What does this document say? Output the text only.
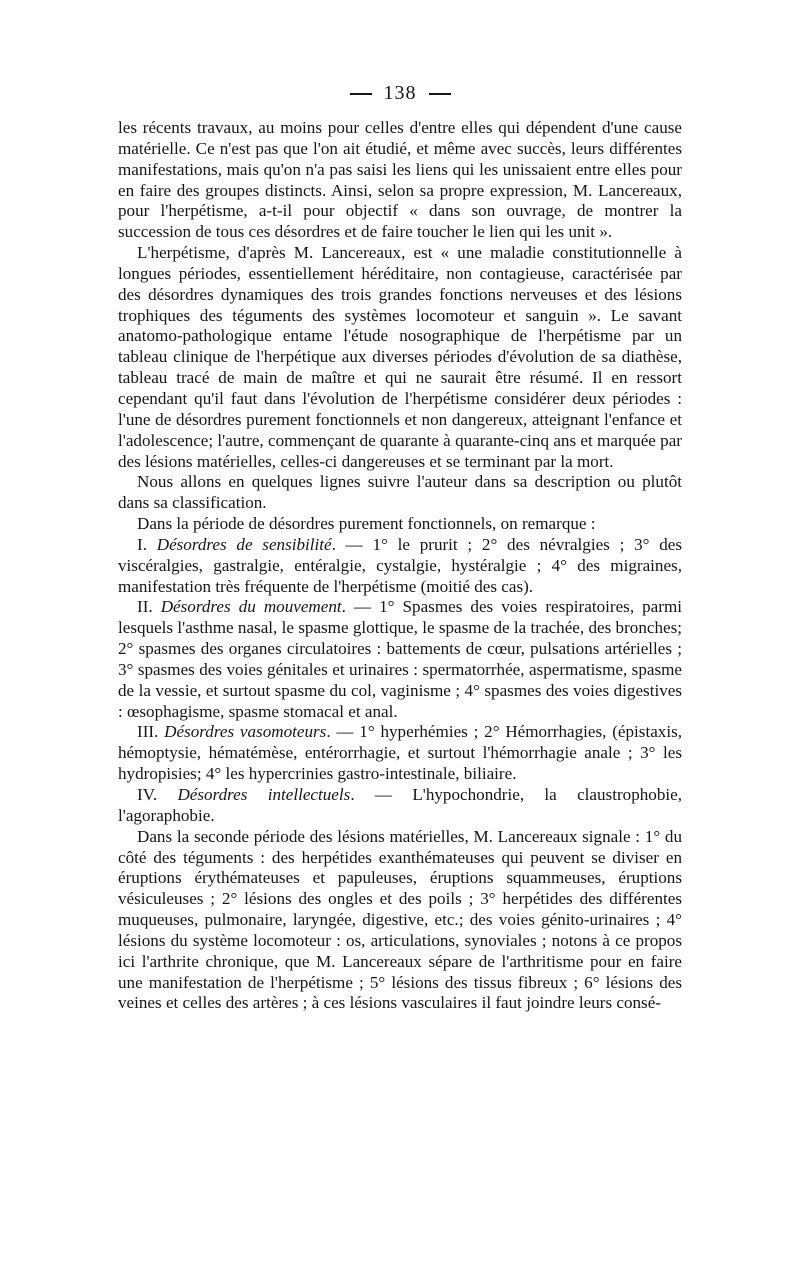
138

les récents travaux, au moins pour celles d'entre elles qui dépendent d'une cause matérielle. Ce n'est pas que l'on ait étudié, et même avec succès, leurs différentes manifestations, mais qu'on n'a pas saisi les liens qui les unissaient entre elles pour en faire des groupes distincts. Ainsi, selon sa propre expression, M. Lancereaux, pour l'herpétisme, a-t-il pour objectif « dans son ouvrage, de montrer la succession de tous ces désordres et de faire toucher le lien qui les unit ».

L'herpétisme, d'après M. Lancereaux, est « une maladie constitutionnelle à longues périodes, essentiellement héréditaire, non contagieuse, caractérisée par des désordres dynamiques des trois grandes fonctions nerveuses et des lésions trophiques des téguments des systèmes locomoteur et sanguin ». Le savant anatomo-pathologique entame l'étude nosographique de l'herpétisme par un tableau clinique de l'herpétique aux diverses périodes d'évolution de sa diathèse, tableau tracé de main de maître et qui ne saurait être résumé. Il en ressort cependant qu'il faut dans l'évolution de l'herpétisme considérer deux périodes : l'une de désordres purement fonctionnels et non dangereux, atteignant l'enfance et l'adolescence; l'autre, commençant de quarante à quarante-cinq ans et marquée par des lésions matérielles, celles-ci dangereuses et se terminant par la mort.

Nous allons en quelques lignes suivre l'auteur dans sa description ou plutôt dans sa classification.

Dans la période de désordres purement fonctionnels, on remarque :

I. Désordres de sensibilité. — 1° le prurit ; 2° des névralgies ; 3° des viscéralgies, gastralgie, entéralgie, cystalgie, hystéralgie ; 4° des migraines, manifestation très fréquente de l'herpétisme (moitié des cas).

II. Désordres du mouvement. — 1° Spasmes des voies respiratoires, parmi lesquels l'asthme nasal, le spasme glottique, le spasme de la trachée, des bronches; 2° spasmes des organes circulatoires : battements de cœur, pulsations artérielles ; 3° spasmes des voies génitales et urinaires : spermatorrhée, aspermatisme, spasme de la vessie, et surtout spasme du col, vaginisme ; 4° spasmes des voies digestives : œsophagisme, spasme stomacal et anal.

III. Désordres vasomoteurs. — 1° hyperhémies ; 2° Hémorrhagies, (épistaxis, hémoptysie, hématémèse, entérorrhagie, et surtout l'hémorrhagie anale ; 3° les hydropisies; 4° les hypercrinies gastro-intestinale, biliaire.

IV. Désordres intellectuels. — L'hypochondrie, la claustrophobie, l'agoraphobie.

Dans la seconde période des lésions matérielles, M. Lancereaux signale : 1° du côté des téguments : des herpétides exanthémateuses qui peuvent se diviser en éruptions érythémateuses et papuleuses, éruptions squammeuses, éruptions vésiculeuses ; 2° lésions des ongles et des poils ; 3° herpétides des différentes muqueuses, pulmonaire, laryngée, digestive, etc.; des voies génito-urinaires ; 4° lésions du système locomoteur : os, articulations, synoviales ; notons à ce propos ici l'arthrite chronique, que M. Lancereaux sépare de l'arthritisme pour en faire une manifestation de l'herpétisme ; 5° lésions des tissus fibreux ; 6° lésions des veines et celles des artères ; à ces lésions vasculaires il faut joindre leurs consé-
